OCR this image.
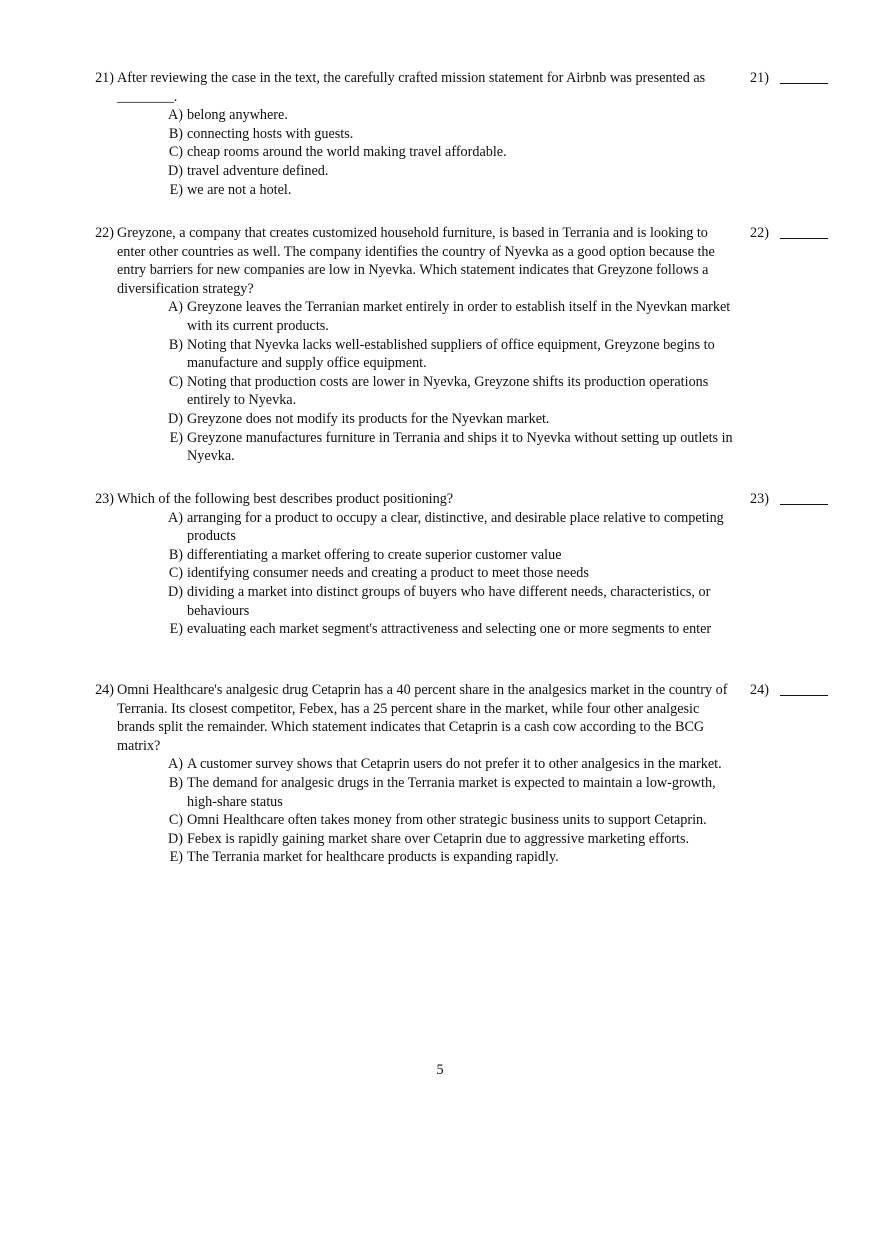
21) After reviewing the case in the text, the carefully crafted mission statement for Airbnb was presented as ________.
A) belong anywhere.
B) connecting hosts with guests.
C) cheap rooms around the world making travel affordable.
D) travel adventure defined.
E) we are not a hotel.
21)
22) Greyzone, a company that creates customized household furniture, is based in Terrania and is looking to enter other countries as well. The company identifies the country of Nyevka as a good option because the entry barriers for new companies are low in Nyevka. Which statement indicates that Greyzone follows a diversification strategy?
A) Greyzone leaves the Terranian market entirely in order to establish itself in the Nyevkan market with its current products.
B) Noting that Nyevka lacks well-established suppliers of office equipment, Greyzone begins to manufacture and supply office equipment.
C) Noting that production costs are lower in Nyevka, Greyzone shifts its production operations entirely to Nyevka.
D) Greyzone does not modify its products for the Nyevkan market.
E) Greyzone manufactures furniture in Terrania and ships it to Nyevka without setting up outlets in Nyevka.
22)
23) Which of the following best describes product positioning?
A) arranging for a product to occupy a clear, distinctive, and desirable place relative to competing products
B) differentiating a market offering to create superior customer value
C) identifying consumer needs and creating a product to meet those needs
D) dividing a market into distinct groups of buyers who have different needs, characteristics, or behaviours
E) evaluating each market segment's attractiveness and selecting one or more segments to enter
23)
24) Omni Healthcare's analgesic drug Cetaprin has a 40 percent share in the analgesics market in the country of Terrania. Its closest competitor, Febex, has a 25 percent share in the market, while four other analgesic brands split the remainder. Which statement indicates that Cetaprin is a cash cow according to the BCG matrix?
A) A customer survey shows that Cetaprin users do not prefer it to other analgesics in the market.
B) The demand for analgesic drugs in the Terrania market is expected to maintain a low-growth, high-share status
C) Omni Healthcare often takes money from other strategic business units to support Cetaprin.
D) Febex is rapidly gaining market share over Cetaprin due to aggressive marketing efforts.
E) The Terrania market for healthcare products is expanding rapidly.
24)
5
